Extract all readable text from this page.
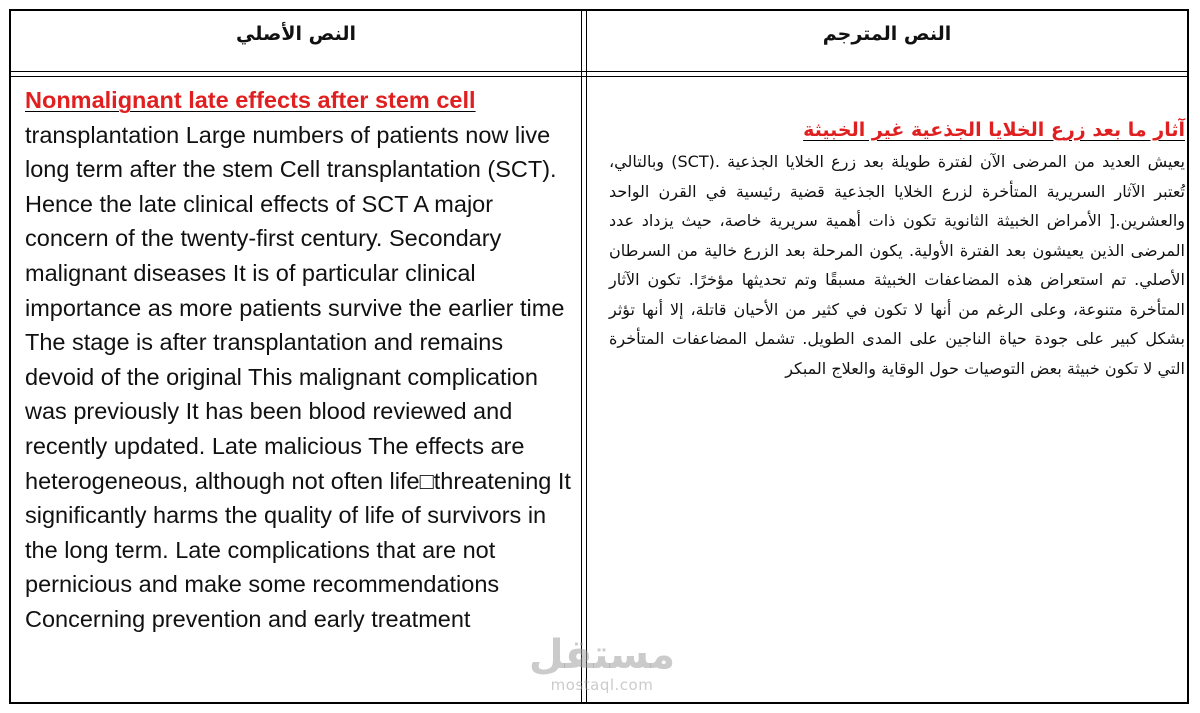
النص الأصلي	النص المترجم
Nonmalignant late effects after stem cell
transplantation Large numbers of patients now live long term after the stem Cell transplantation (SCT). Hence the late clinical effects of SCT A major concern of the twenty-first century. Secondary malignant diseases It is of particular clinical importance as more patients survive the earlier time The stage is after transplantation and remains devoid of the original This malignant complication was previously It has been blood reviewed and recently updated. Late malicious The effects are heterogeneous, although not often life□threatening It significantly harms the quality of life of survivors in the long term. Late complications that are not pernicious and make some recommendations Concerning prevention and early treatment
آثار ما بعد زرع الخلايا الجذعية غير الخبيثة
يعيش العديد من المرضى الآن لفترة طويلة بعد زرع الخلايا الجذعية .(SCT) وبالتالي، تُعتبر الآثار السريرية المتأخرة لزرع الخلايا الجذعية قضية رئيسية في القرن الواحد والعشرين.[ الأمراض الخبيثة الثانوية تكون ذات أهمية سريرية خاصة، حيث يزداد عدد المرضى الذين يعيشون بعد الفترة الأولية. يكون المرحلة بعد الزرع خالية من السرطان الأصلي. تم استعراض هذه المضاعفات الخبيثة مسبقًا وتم تحديثها مؤخرًا. تكون الآثار المتأخرة متنوعة، وعلى الرغم من أنها لا تكون في كثير من الأحيان قاتلة، إلا أنها تؤثر بشكل كبير على جودة حياة الناجين على المدى الطويل. تشمل المضاعفات المتأخرة التي لا تكون خبيثة بعض التوصيات حول الوقاية والعلاج المبكر
مستقل
mostaql.com
